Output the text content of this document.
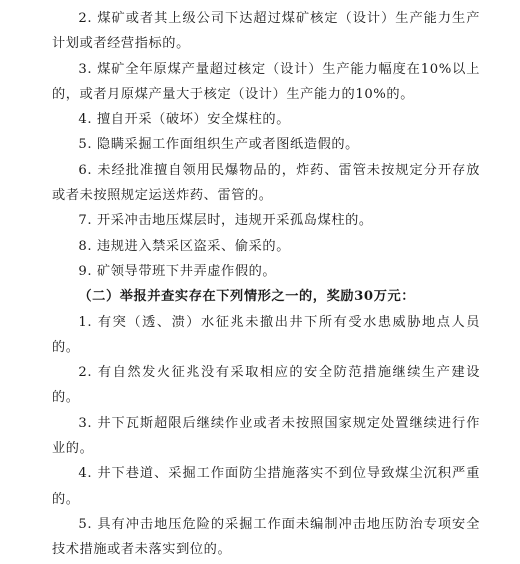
2. 煤矿或者其上级公司下达超过煤矿核定（设计）生产能力生产计划或者经营指标的。

3. 煤矿全年原煤产量超过核定（设计）生产能力幅度在10%以上的，或者月原煤产量大于核定（设计）生产能力的10%的。

4. 擅自开采（破坏）安全煤柱的。

5. 隐瞒采掘工作面组织生产或者图纸造假的。

6. 未经批准擅自领用民爆物品的，炸药、雷管未按规定分开存放或者未按照规定运送炸药、雷管的。

7. 开采冲击地压煤层时，违规开采孤岛煤柱的。

8. 违规进入禁采区盗采、偷采的。

9. 矿领导带班下井弄虚作假的。

（二）举报并查实存在下列情形之一的，奖励30万元：

1. 有突（透、溃）水征兆未撤出井下所有受水患威胁地点人员的。

2. 有自然发火征兆没有采取相应的安全防范措施继续生产建设的。

3. 井下瓦斯超限后继续作业或者未按照国家规定处置继续进行作业的。

4. 井下巷道、采掘工作面防尘措施落实不到位导致煤尘沉积严重的。

5. 具有冲击地压危险的采掘工作面未编制冲击地压防治专项安全技术措施或者未落实到位的。
